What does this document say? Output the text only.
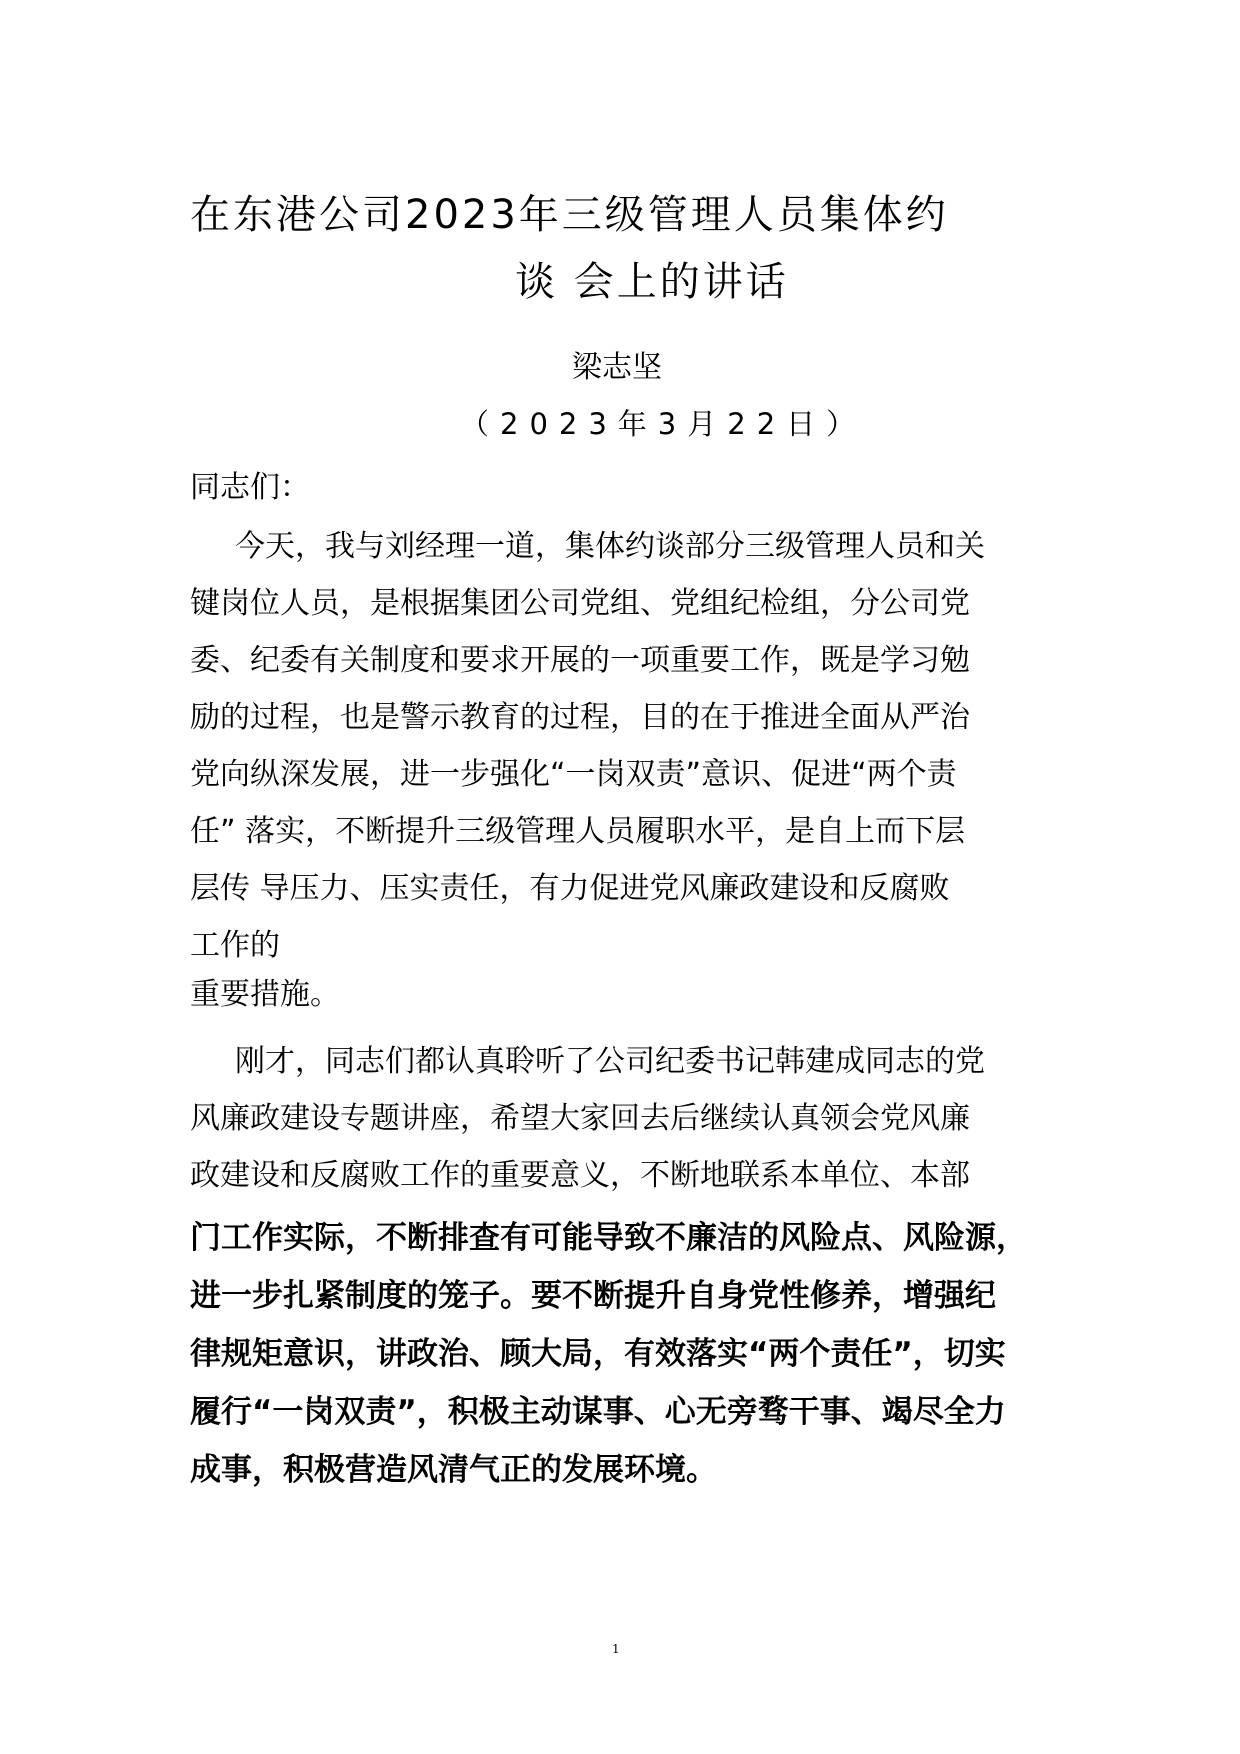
在东港公司2023年三级管理人员集体约
谈 会上的讲话
梁志坚
（2023年3月22日）
同志们：
今天，我与刘经理一道，集体约谈部分三级管理人员和关
键岗位人员，是根据集团公司党组、党组纪检组，分公司党
委、纪委有关制度和要求开展的一项重要工作，既是学习勉
励的过程，也是警示教育的过程，目的在于推进全面从严治
党向纵深发展，进一步强化“一岗双责”意识、促进“两个责
任” 落实，不断提升三级管理人员履职水平，是自上而下层
层传 导压力、压实责任，有力促进党风廉政建设和反腐败
工作的
重要措施。
刚才，同志们都认真聆听了公司纪委书记韩建成同志的党
风廉政建设专题讲座，希望大家回去后继续认真领会党风廉
政建设和反腐败工作的重要意义，不断地联系本单位、本部
门工作实际，不断排查有可能导致不廉洁的风险点、风险源，
进一步扎紧制度的笼子。要不断提升自身党性修养，增强纪
律规矩意识，讲政治、顾大局，有效落实“两个责任”，切实
履行“一岗双责”，积极主动谋事、心无旁骛干事、竭尽全力
成事，积极营造风清气正的发展环境。
1
